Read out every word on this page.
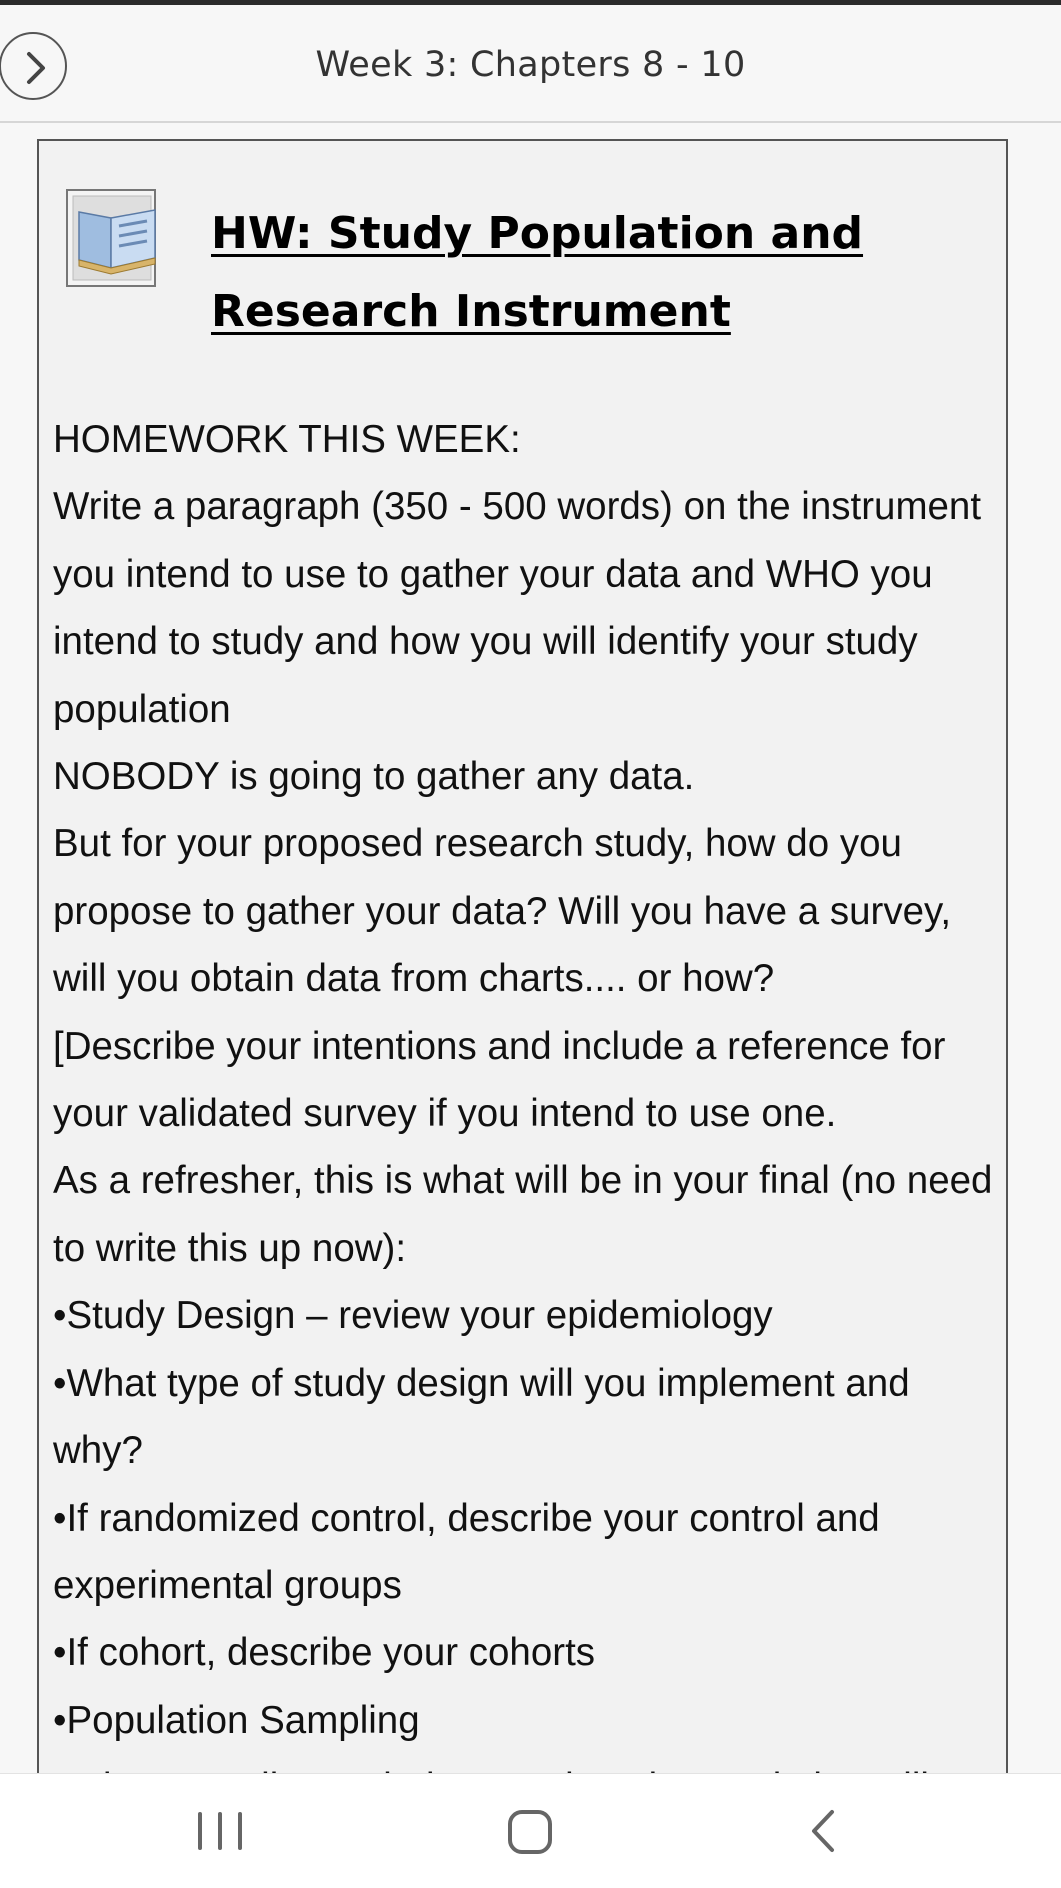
Week 3: Chapters 8 - 10
HW: Study Population and Research Instrument

HOMEWORK THIS WEEK:

Write a paragraph (350 - 500 words) on the instrument you intend to use to gather your data and WHO you intend to study and how you will identify your study population

NOBODY is going to gather any data.

But for your proposed research study, how do you propose to gather your data? Will you have a survey, will you obtain data from charts.... or how?

[Describe your intentions and include a reference for your validated survey if you intend to use one.

As a refresher, this is what will be in your final (no need to write this up now):

•Study Design – review your epidemiology

•What type of study design will you implement and why?

•If randomized control, describe your control and experimental groups

•If cohort, describe your cohorts

•Population Sampling
